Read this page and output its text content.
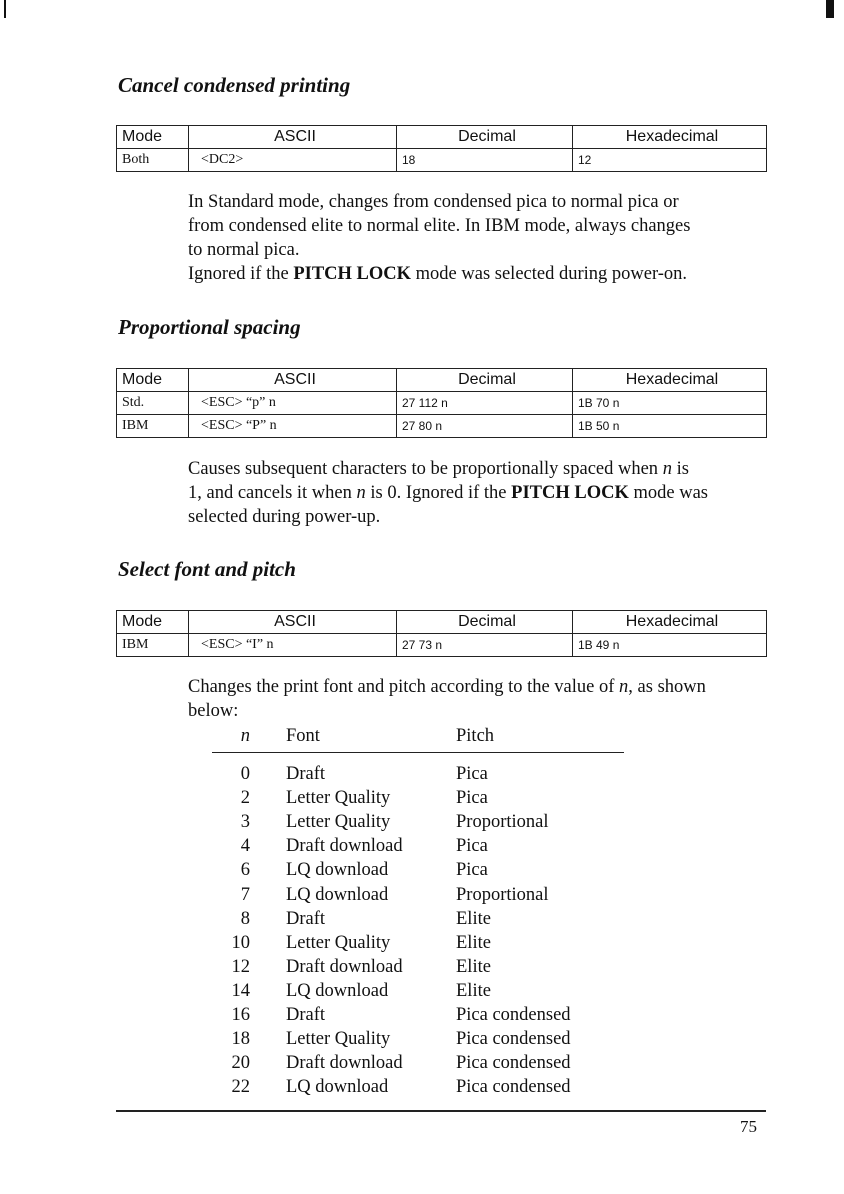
Cancel condensed printing
Mode	ASCII	Decimal	Hexadecimal
Both	<DC2>	18	12
In Standard mode, changes from condensed pica to normal pica or
from condensed elite to normal elite. In IBM mode, always changes
to normal pica.
Ignored if the PITCH LOCK mode was selected during power-on.
Proportional spacing
Mode	ASCII	Decimal	Hexadecimal
Std.	<ESC> “p” n	27 112 n	1B 70 n
IBM	<ESC> “P” n	27 80 n	1B 50 n
Causes subsequent characters to be proportionally spaced when n is
1, and cancels it when n is 0. Ignored if the PITCH LOCK mode was
selected during power-up.
Select font and pitch
Mode	ASCII	Decimal	Hexadecimal
IBM	<ESC> “I” n	27 73 n	1B 49 n
Changes the print font and pitch according to the value of n, as shown
below:
n Font	Pitch
0 Draft	Pica
2 Letter Quality	Pica
3 Letter Quality	Proportional
4 Draft download	Pica
6 LQ download	Pica
7 LQ download	Proportional
8 Draft	Elite
10 Letter Quality	Elite
12 Draft download	Elite
14 LQ download	Elite
16 Draft	Pica condensed
18 Letter Quality	Pica condensed
20 Draft download	Pica condensed
22 LQ download	Pica condensed
75
